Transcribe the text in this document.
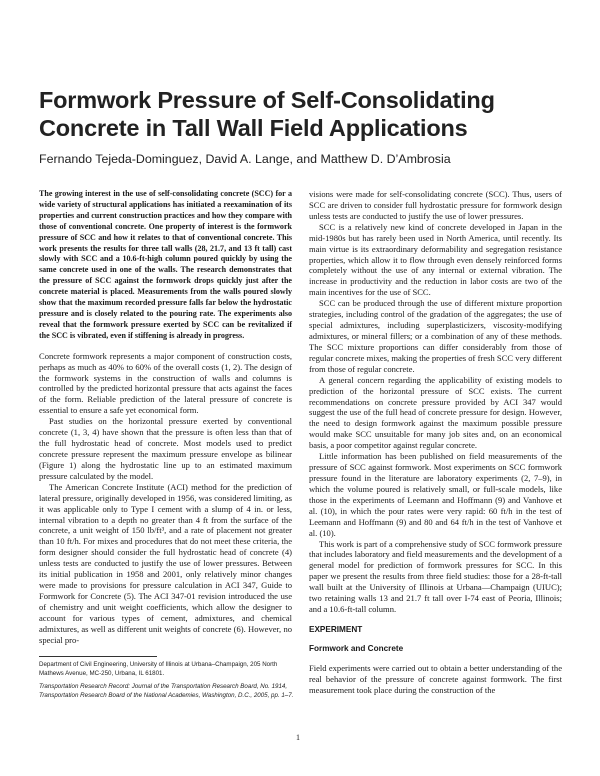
Formwork Pressure of Self-Consolidating Concrete in Tall Wall Field Applications
Fernando Tejeda-Dominguez, David A. Lange, and Matthew D. D’Ambrosia

The growing interest in the use of self-consolidating concrete (SCC) for a wide variety of structural applications has initiated a reexamination of its properties and current construction practices and how they compare with those of conventional concrete. One property of interest is the formwork pressure of SCC and how it relates to that of conventional concrete. This work presents the results for three tall walls (28, 21.7, and 13 ft tall) cast slowly with SCC and a 10.6-ft-high column poured quickly by using the same concrete used in one of the walls. The research demonstrates that the pressure of SCC against the formwork drops quickly just after the concrete material is placed. Measurements from the walls poured slowly show that the maximum recorded pressure falls far below the hydrostatic pressure and is closely related to the pouring rate. The experiments also reveal that the formwork pressure exerted by SCC can be revitalized if the SCC is vibrated, even if stiffening is already in progress.

Concrete formwork represents a major component of construction costs, perhaps as much as 40% to 60% of the overall costs (1, 2). The design of the formwork systems in the construction of walls and columns is controlled by the predicted horizontal pressure that acts against the faces of the form. Reliable prediction of the lateral pressure of concrete is essential to ensure a safe yet economical form.

Past studies on the horizontal pressure exerted by conventional concrete (1, 3, 4) have shown that the pressure is often less than that of the full hydrostatic head of concrete. Most models used to predict concrete pressure represent the maximum pressure envelope as bilinear (Figure 1) along the hydrostatic line up to an estimated maximum pressure calculated by the model.

The American Concrete Institute (ACI) method for the prediction of lateral pressure, originally developed in 1956, was considered limiting, as it was applicable only to Type I cement with a slump of 4 in. or less, internal vibration to a depth no greater than 4 ft from the surface of the concrete, a unit weight of 150 lb/ft³, and a rate of placement not greater than 10 ft/h. For mixes and procedures that do not meet these criteria, the form designer should consider the full hydrostatic head of concrete (4) unless tests are conducted to justify the use of lower pressures. Between its initial publication in 1958 and 2001, only relatively minor changes were made to provisions for pressure calculation in ACI 347, Guide to Formwork for Concrete (5). The ACI 347-01 revision introduced the use of chemistry and unit weight coefficients, which allow the designer to account for various types of cement, admixtures, and chemical admixtures, as well as different unit weights of concrete (6). However, no special pro-

Department of Civil Engineering, University of Illinois at Urbana–Champaign, 205 North Mathews Avenue, MC-250, Urbana, IL 61801.

Transportation Research Record: Journal of the Transportation Research Board, No. 1914, Transportation Research Board of the National Academies, Washington, D.C., 2005, pp. 1–7.

visions were made for self-consolidating concrete (SCC). Thus, users of SCC are driven to consider full hydrostatic pressure for formwork design unless tests are conducted to justify the use of lower pressures.

SCC is a relatively new kind of concrete developed in Japan in the mid-1980s but has rarely been used in North America, until recently. Its main virtue is its extraordinary deformability and segregation resistance properties, which allow it to flow through even densely reinforced forms completely without the use of any internal or external vibration. The increase in productivity and the reduction in labor costs are two of the main incentives for the use of SCC.

SCC can be produced through the use of different mixture proportion strategies, including control of the gradation of the aggregates; the use of special admixtures, including superplasticizers, viscosity-modifying admixtures, or mineral fillers; or a combination of any of these methods. The SCC mixture proportions can differ considerably from those of regular concrete mixes, making the properties of fresh SCC very different from those of regular concrete.

A general concern regarding the applicability of existing models to prediction of the horizontal pressure of SCC exists. The current recommendations on concrete pressure provided by ACI 347 would suggest the use of the full head of concrete pressure for design. However, the need to design formwork against the maximum possible pressure would make SCC unsuitable for many job sites and, on an economical basis, a poor competitor against regular concrete.

Little information has been published on field measurements of the pressure of SCC against formwork. Most experiments on SCC formwork pressure found in the literature are laboratory experiments (2, 7–9), in which the volume poured is relatively small, or full-scale models, like those in the experiments of Leemann and Hoffmann (9) and Vanhove et al. (10), in which the pour rates were very rapid: 60 ft/h in the test of Leemann and Hoffmann (9) and 80 and 64 ft/h in the test of Vanhove et al. (10).

This work is part of a comprehensive study of SCC formwork pressure that includes laboratory and field measurements and the development of a general model for prediction of formwork pressures for SCC. In this paper we present the results from three field studies: those for a 28-ft-tall wall built at the University of Illinois at Urbana—Champaign (UIUC); two retaining walls 13 and 21.7 ft tall over I-74 east of Peoria, Illinois; and a 10.6-ft-tall column.

EXPERIMENT
Formwork and Concrete

Field experiments were carried out to obtain a better understanding of the real behavior of the pressure of concrete against formwork. The first measurement took place during the construction of the

1
